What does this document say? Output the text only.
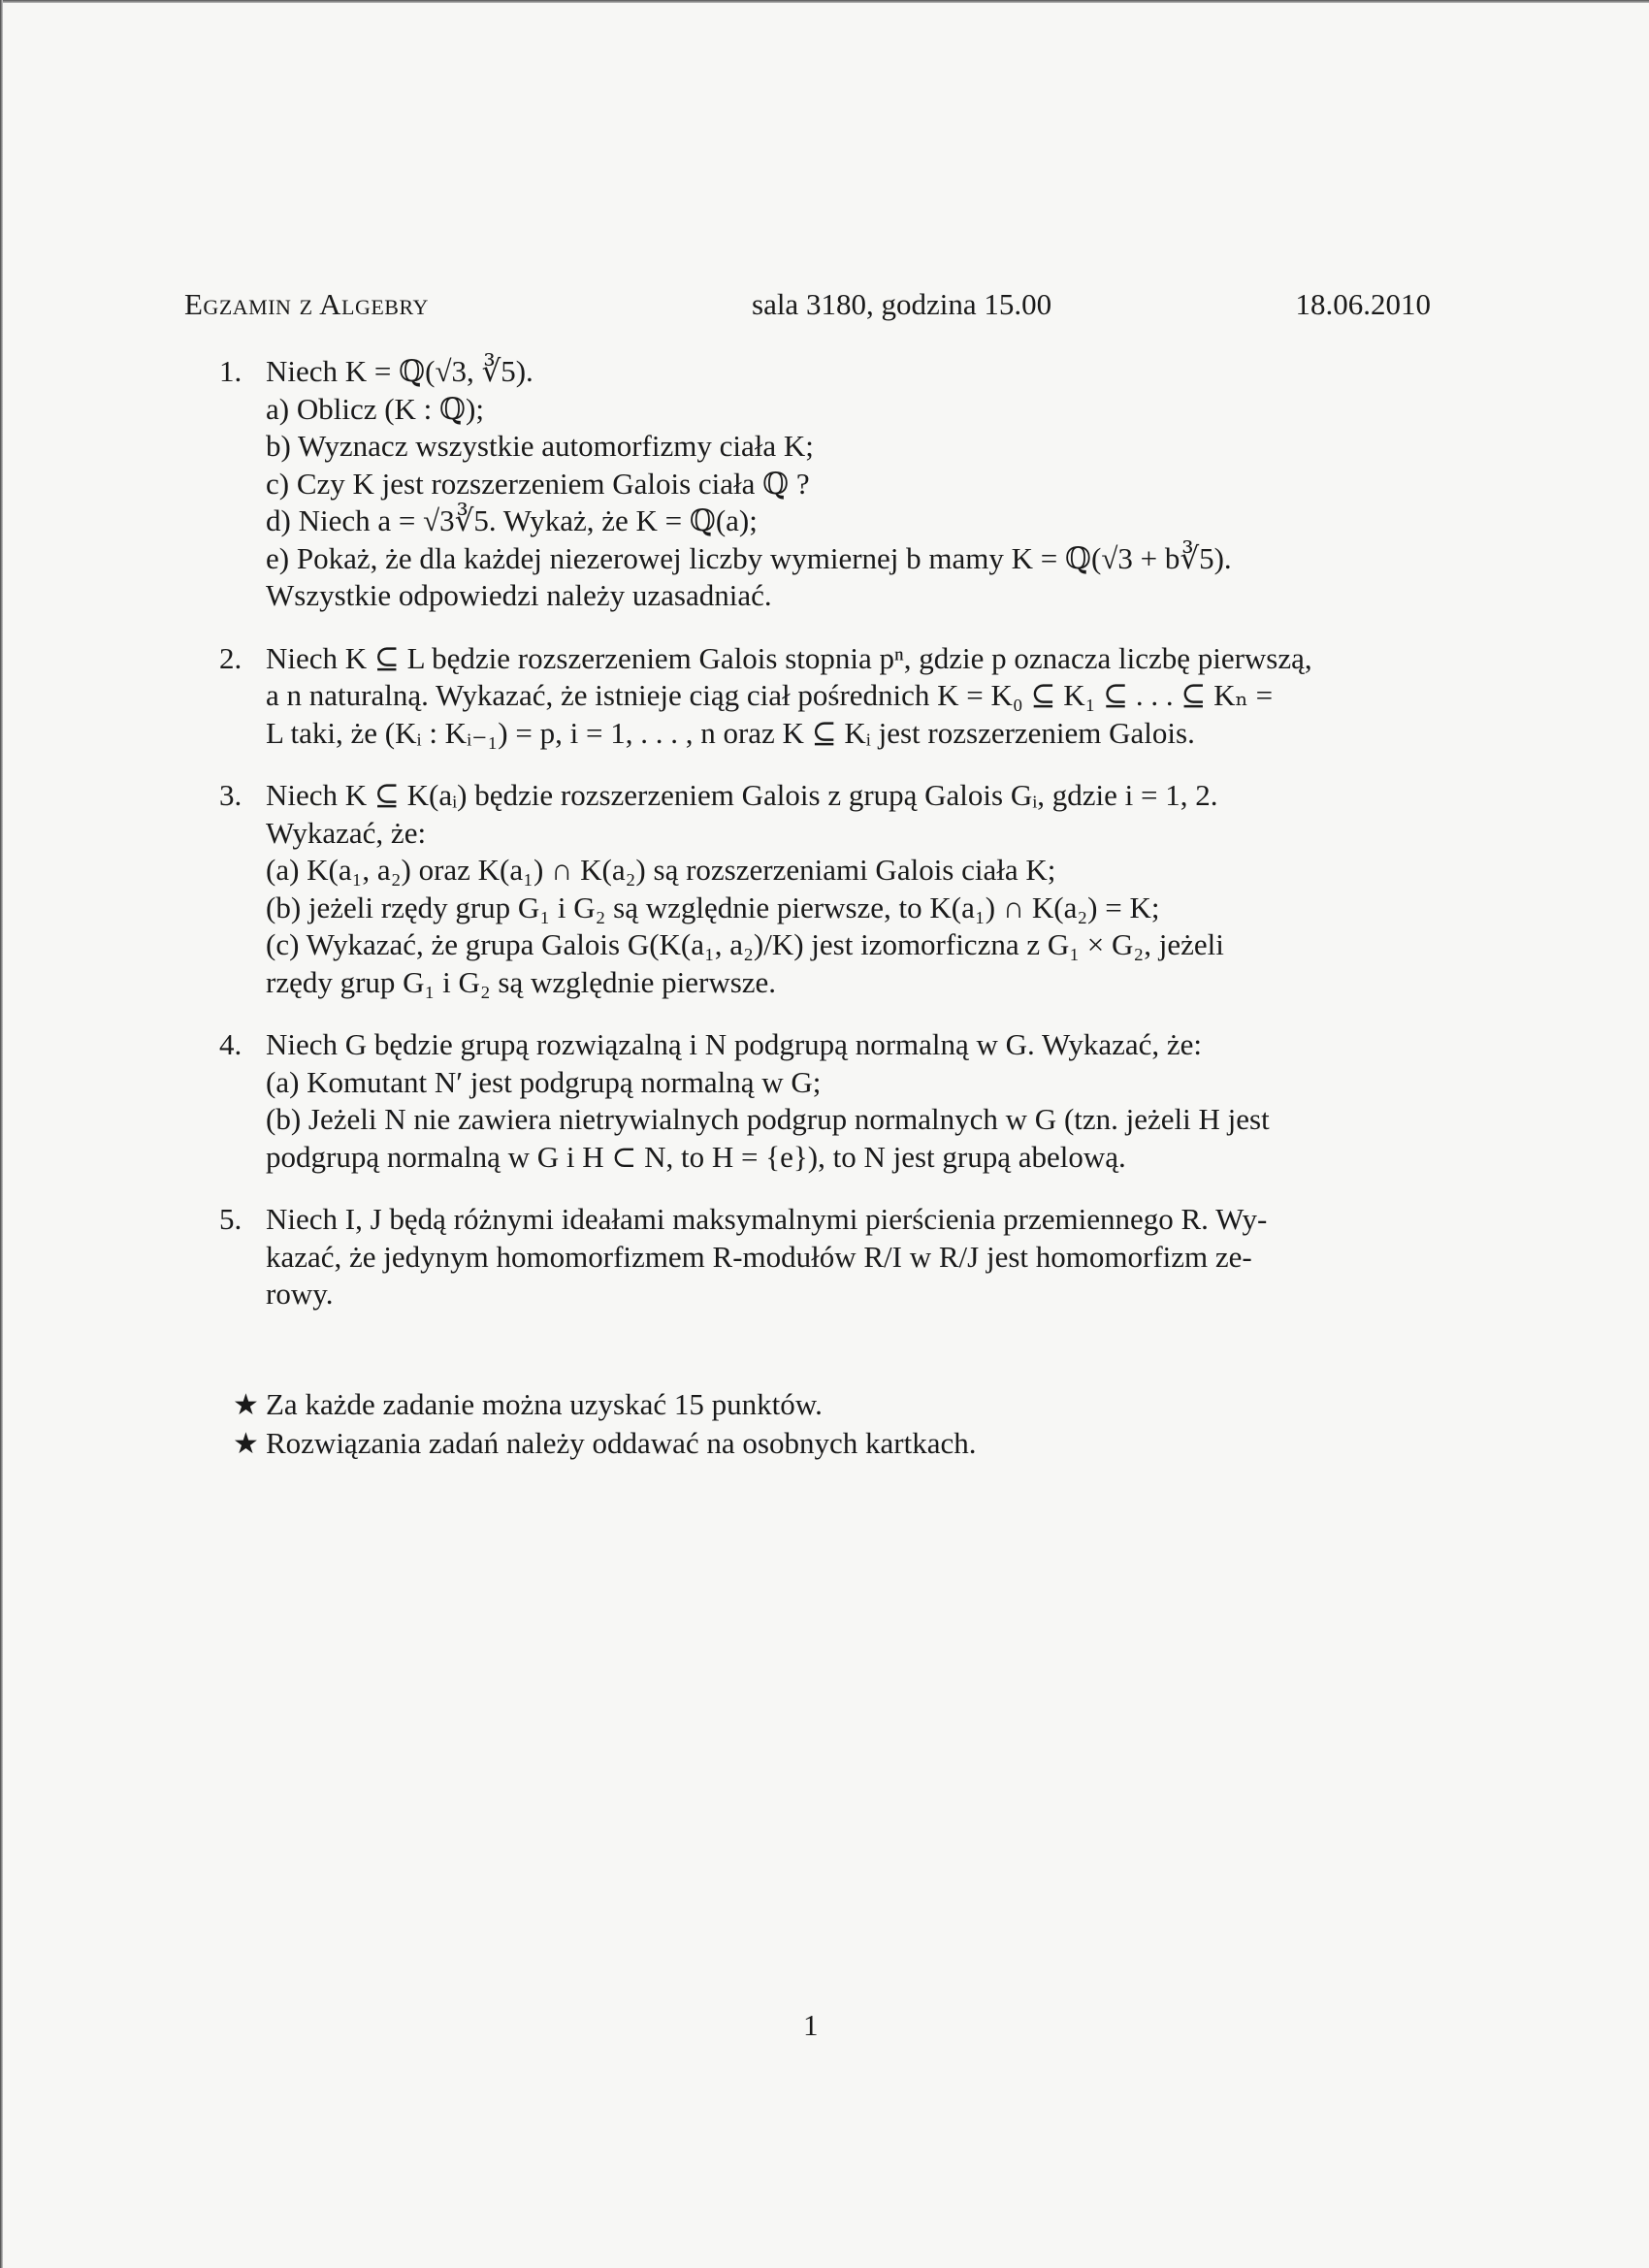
Egzamin z Algebry	sala 3180, godzina 15.00	18.06.2010
1. Niech K = ℚ(√3, ∛5).
a) Oblicz (K : ℚ);
b) Wyznacz wszystkie automorfizmy ciała K;
c) Czy K jest rozszerzeniem Galois ciała ℚ ?
d) Niech a = √3∛5. Wykaż, że K = ℚ(a);
e) Pokaż, że dla każdej niezerowej liczby wymiernej b mamy K = ℚ(√3 + b∛5).
Wszystkie odpowiedzi należy uzasadniać.
2. Niech K ⊆ L będzie rozszerzeniem Galois stopnia pⁿ, gdzie p oznacza liczbę pierwszą,
a n naturalną. Wykazać, że istnieje ciąg ciał pośrednich K = K₀ ⊆ K₁ ⊆ . . . ⊆ Kₙ =
L taki, że (Kᵢ : Kᵢ₋₁) = p, i = 1, . . . , n oraz K ⊆ Kᵢ jest rozszerzeniem Galois.
3. Niech K ⊆ K(aᵢ) będzie rozszerzeniem Galois z grupą Galois Gᵢ, gdzie i = 1, 2.
Wykazać, że:
(a) K(a₁, a₂) oraz K(a₁) ∩ K(a₂) są rozszerzeniami Galois ciała K;
(b) jeżeli rzędy grup G₁ i G₂ są względnie pierwsze, to K(a₁) ∩ K(a₂) = K;
(c) Wykazać, że grupa Galois G(K(a₁, a₂)/K) jest izomorficzna z G₁ × G₂, jeżeli
rzędy grup G₁ i G₂ są względnie pierwsze.
4. Niech G będzie grupą rozwiązalną i N podgrupą normalną w G. Wykazać, że:
(a) Komutant N′ jest podgrupą normalną w G;
(b) Jeżeli N nie zawiera nietrywialnych podgrup normalnych w G (tzn. jeżeli H jest
podgrupą normalną w G i H ⊂ N, to H = {e}), to N jest grupą abelową.
5. Niech I, J będą różnymi ideałami maksymalnymi pierścienia przemiennego R. Wy-
kazać, że jedynym homomorfizmem R-modułów R/I w R/J jest homomorfizm ze-
rowy.
★ Za każde zadanie można uzyskać 15 punktów.
★ Rozwiązania zadań należy oddawać na osobnych kartkach.
1
